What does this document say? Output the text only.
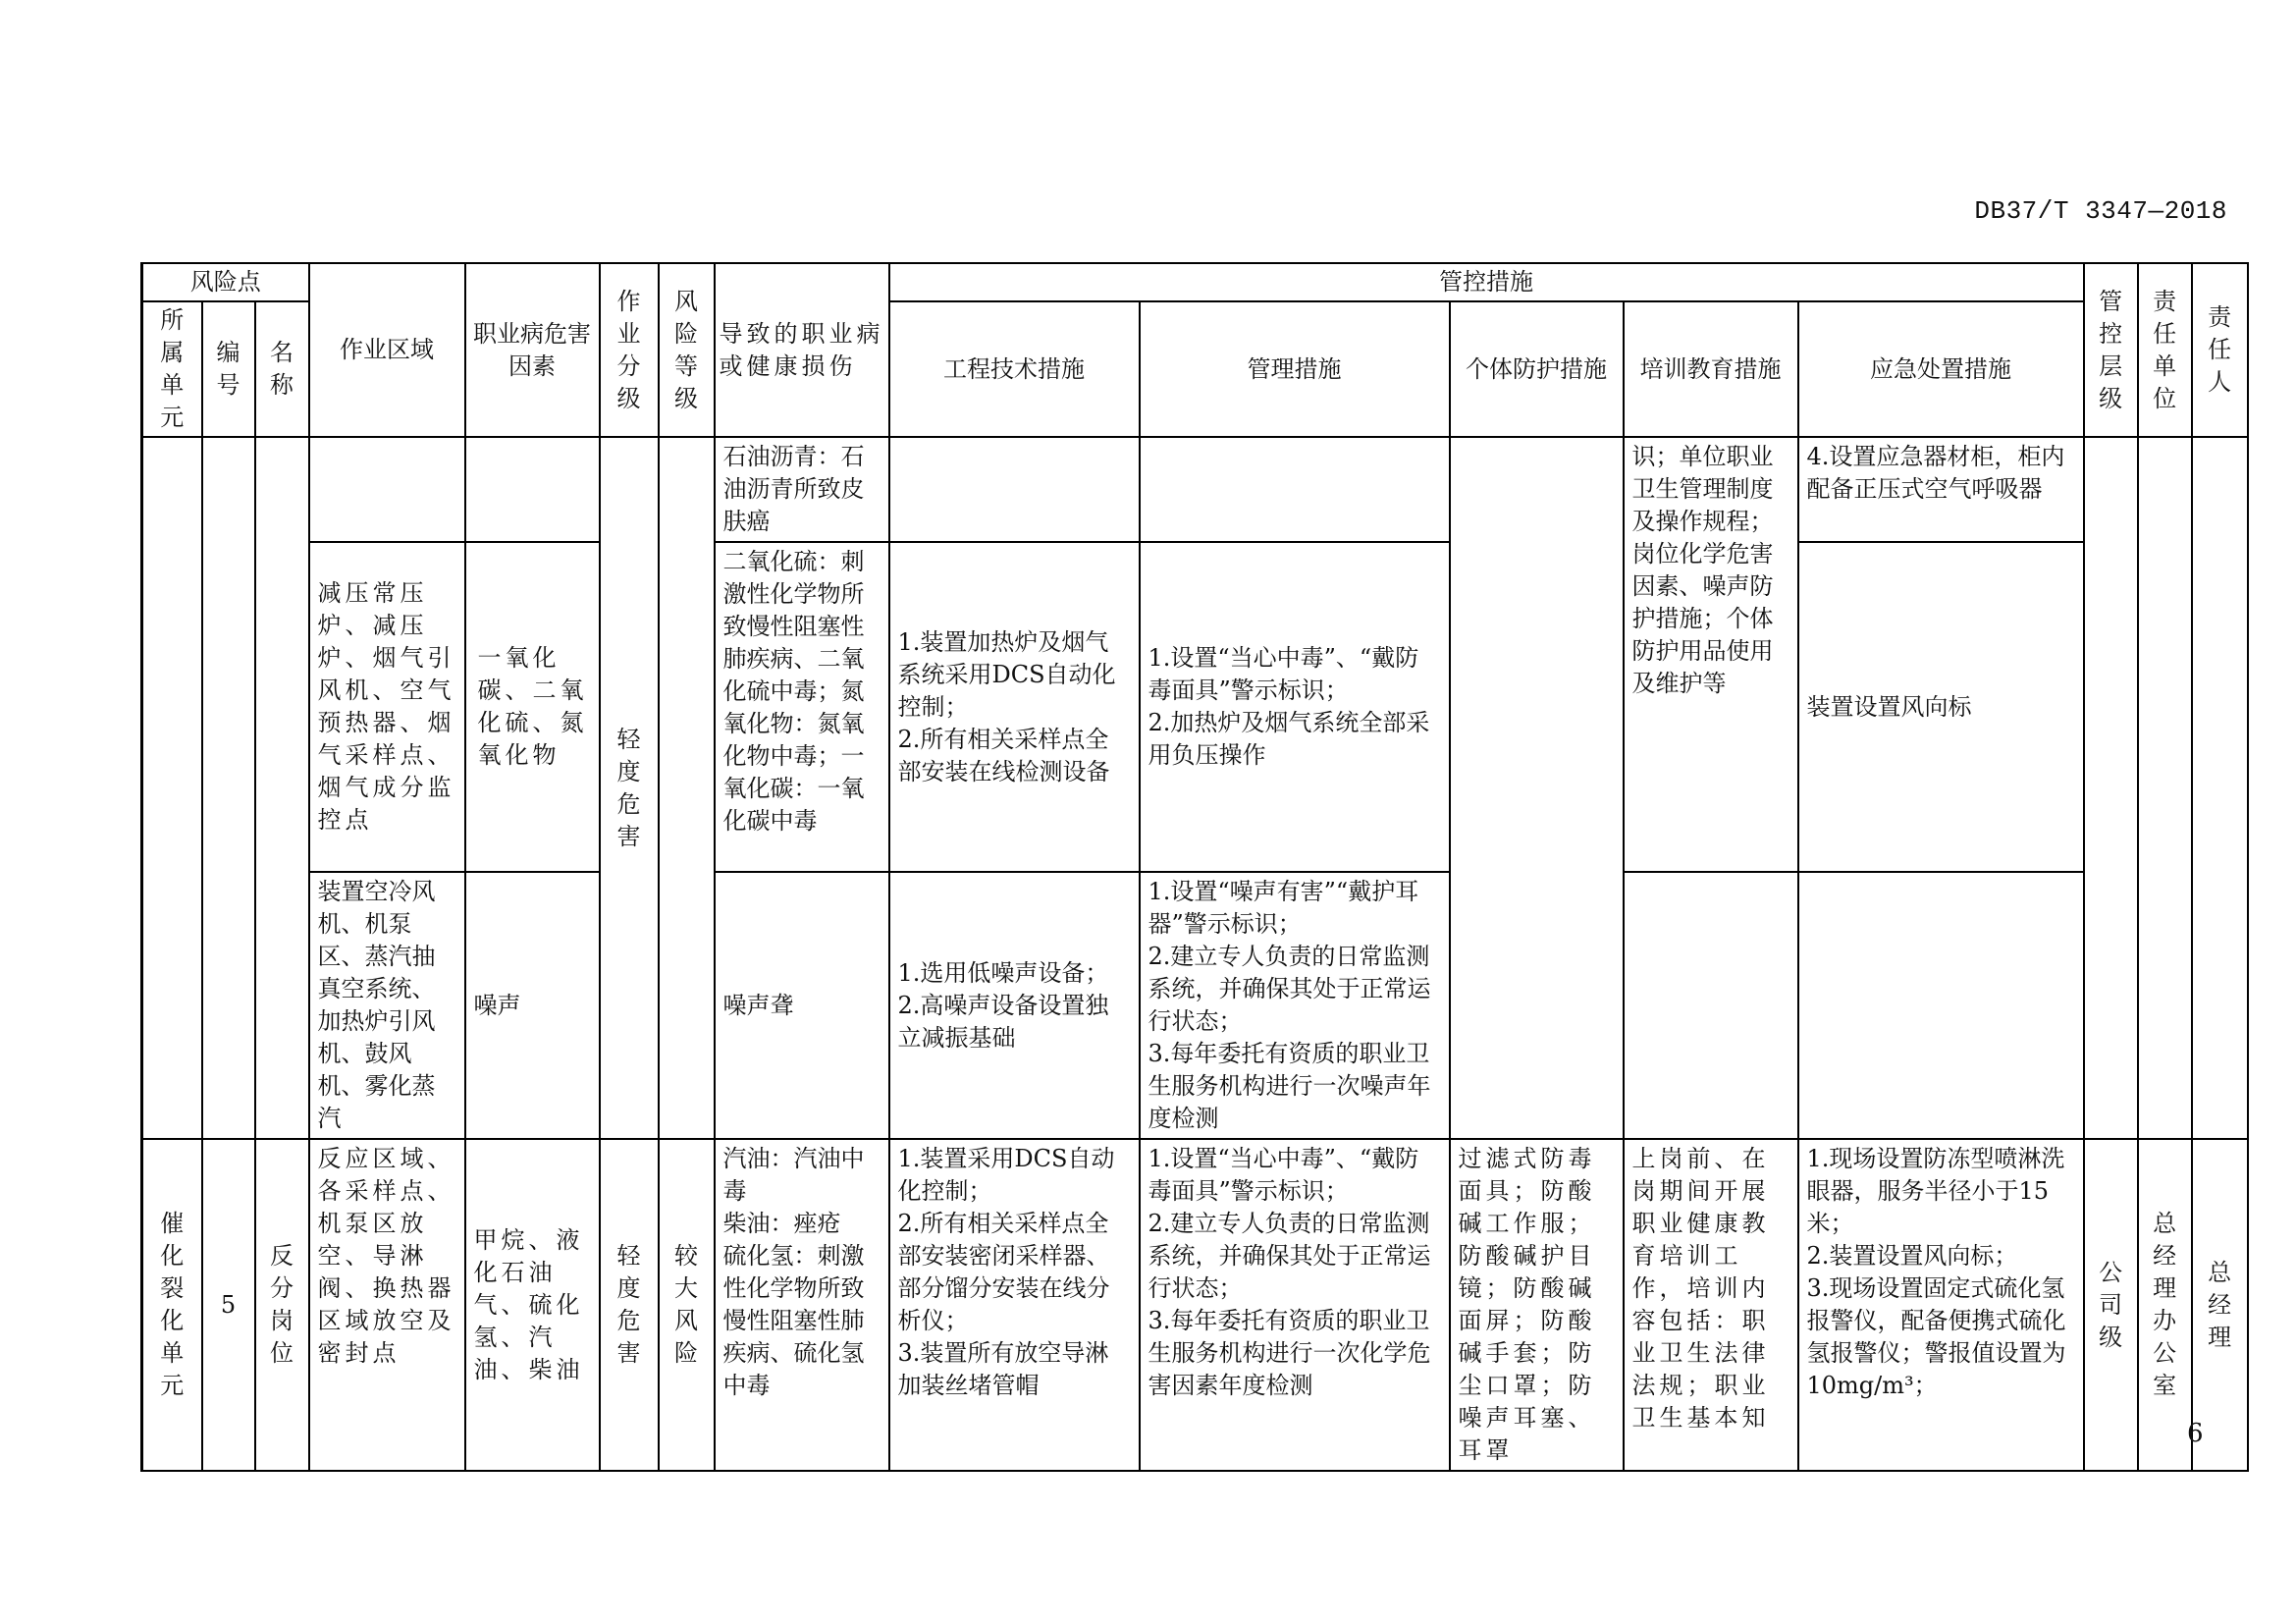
DB37/T 3347—2018
风险点			作业区域	职业病危害因素	作业分级	风险等级	导致的职业病或健康损伤	管控措施					管控层级	责任单位	责任人

所属单元	编号	名称						工程技术措施	管理措施	个体防护措施	培训教育措施	应急处置措施			

					轻度危害		石油沥青：石油沥青所致皮肤癌				识；单位职业卫生管理制度及操作规程；岗位化学危害因素、噪声防护措施；个体防护用品使用及维护等	4.设置应急器材柜，柜内配备正压式空气呼吸器			
			减压常压炉、减压炉、烟气引风机、空气预热器、烟气采样点、烟气成分监控点	一氧化碳、二氧化硫、氮氧化物			二氧化硫：刺激性化学物所致慢性阻塞性肺疾病、二氧化硫中毒；氮氧化物：氮氧化物中毒；一氧化碳：一氧化碳中毒	1.装置加热炉及烟气系统采用DCS自动化控制；
2.所有相关采样点全部安装在线检测设备	1.设置“当心中毒”、“戴防毒面具”警示标识；
2.加热炉及烟气系统全部采用负压操作			装置设置风向标			
			装置空冷风机、机泵区、蒸汽抽真空系统、加热炉引风机、鼓风机、雾化蒸汽	噪声			噪声聋	1.选用低噪声设备；
2.高噪声设备设置独立减振基础	1.设置“噪声有害”“戴护耳器”警示标识；
2.建立专人负责的日常监测系统，并确保其处于正常运行状态；
3.每年委托有资质的职业卫生服务机构进行一次噪声年度检测						

催化裂化单元	5	反分岗位	反应区域、各采样点、机泵区放空、导淋阀、换热器区域放空及密封点	甲烷、液化石油气、硫化氢、汽油、柴油	轻度危害	较大风险	汽油：汽油中毒
柴油：痤疮
硫化氢：刺激性化学物所致慢性阻塞性肺疾病、硫化氢中毒	1.装置采用DCS自动化控制；
2.所有相关采样点全部安装密闭采样器、部分馏分安装在线分析仪；
3.装置所有放空导淋加装丝堵管帽	1.设置“当心中毒”、“戴防毒面具”警示标识；
2.建立专人负责的日常监测系统，并确保其处于正常运行状态；
3.每年委托有资质的职业卫生服务机构进行一次化学危害因素年度检测	过滤式防毒面具；防酸碱工作服；防酸碱护目镜；防酸碱面屏；防酸碱手套；防尘口罩；防噪声耳塞、耳罩	上岗前、在岗期间开展职业健康教育培训工作，培训内容包括：职业卫生法律法规；职业卫生基本知	1.现场设置防冻型喷淋洗眼器，服务半径小于15米；
2.装置设置风向标；
3.现场设置固定式硫化氢报警仪，配备便携式硫化氢报警仪；警报值设置为10mg/m³；	公司级	总经理办公室	总经理
6
